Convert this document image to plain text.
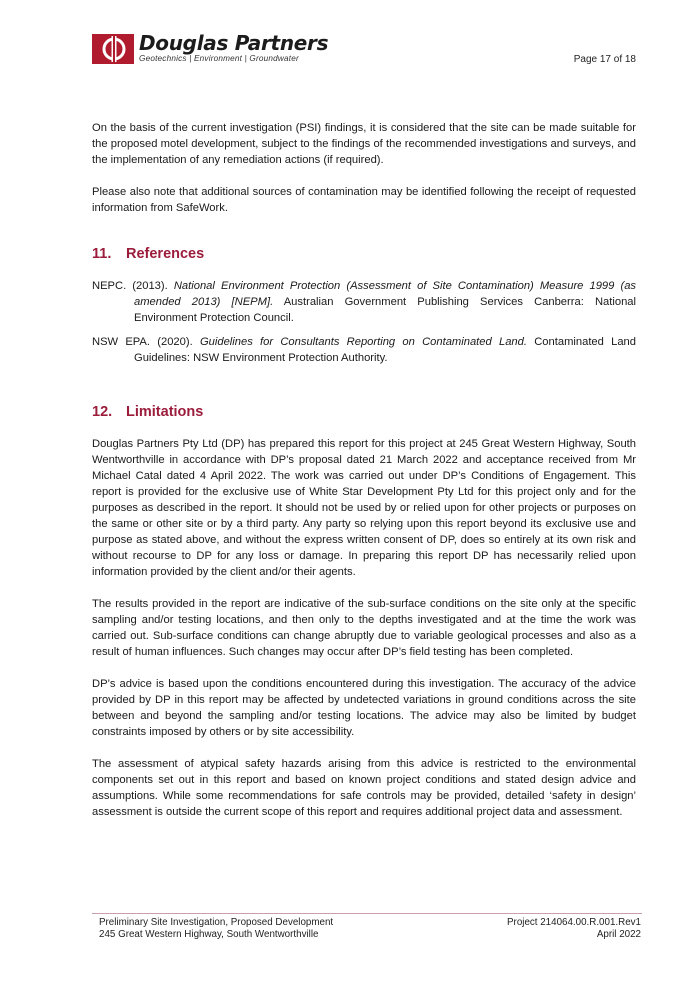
Douglas Partners
Geotechnics | Environment | Groundwater	Page 17 of 18

On the basis of the current investigation (PSI) findings, it is considered that the site can be made suitable for the proposed motel development, subject to the findings of the recommended investigations and surveys, and the implementation of any remediation actions (if required).

Please also note that additional sources of contamination may be identified following the receipt of requested information from SafeWork.

11. References
NEPC. (2013). National Environment Protection (Assessment of Site Contamination) Measure 1999 (as amended 2013) [NEPM]. Australian Government Publishing Services Canberra: National Environment Protection Council.
NSW EPA. (2020). Guidelines for Consultants Reporting on Contaminated Land. Contaminated Land Guidelines: NSW Environment Protection Authority.
12. Limitations

Douglas Partners Pty Ltd (DP) has prepared this report for this project at 245 Great Western Highway, South Wentworthville in accordance with DP’s proposal dated 21 March 2022 and acceptance received from Mr Michael Catal dated 4 April 2022. The work was carried out under DP’s Conditions of Engagement. This report is provided for the exclusive use of White Star Development Pty Ltd for this project only and for the purposes as described in the report. It should not be used by or relied upon for other projects or purposes on the same or other site or by a third party. Any party so relying upon this report beyond its exclusive use and purpose as stated above, and without the express written consent of DP, does so entirely at its own risk and without recourse to DP for any loss or damage. In preparing this report DP has necessarily relied upon information provided by the client and/or their agents.

The results provided in the report are indicative of the sub-surface conditions on the site only at the specific sampling and/or testing locations, and then only to the depths investigated and at the time the work was carried out. Sub-surface conditions can change abruptly due to variable geological processes and also as a result of human influences. Such changes may occur after DP’s field testing has been completed.

DP’s advice is based upon the conditions encountered during this investigation. The accuracy of the advice provided by DP in this report may be affected by undetected variations in ground conditions across the site between and beyond the sampling and/or testing locations. The advice may also be limited by budget constraints imposed by others or by site accessibility.

The assessment of atypical safety hazards arising from this advice is restricted to the environmental components set out in this report and based on known project conditions and stated design advice and assumptions. While some recommendations for safe controls may be provided, detailed ‘safety in design’ assessment is outside the current scope of this report and requires additional project data and assessment.

Preliminary Site Investigation, Proposed Development
245 Great Western Highway, South Wentworthville
Project 214064.00.R.001.Rev1
April 2022
